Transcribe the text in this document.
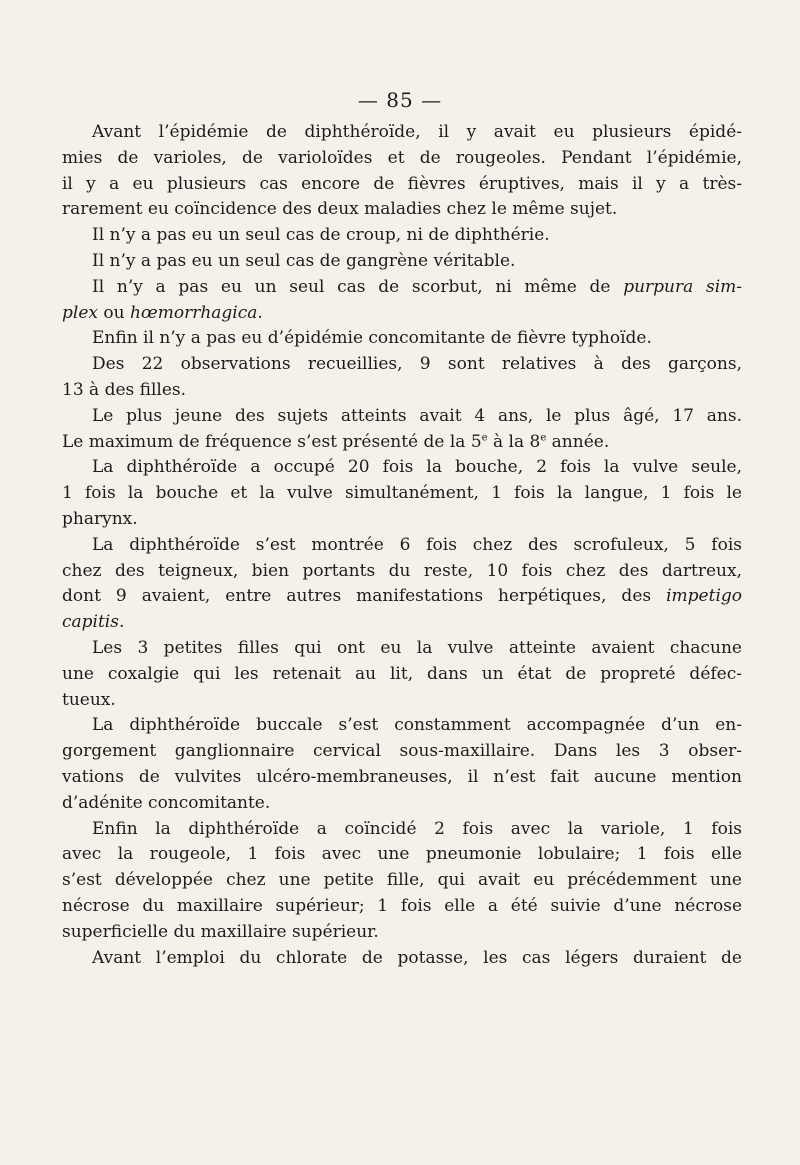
— 85 —
Avant l’épidémie de diphthéroïde, il y avait eu plusieurs épidé-
mies de varioles, de varioloïdes et de rougeoles. Pendant l’épidémie,
il y a eu plusieurs cas encore de fièvres éruptives, mais il y a très-
rarement eu coïncidence des deux maladies chez le même sujet.
Il n’y a pas eu un seul cas de croup, ni de diphthérie.
Il n’y a pas eu un seul cas de gangrène véritable.
Il n’y a pas eu un seul cas de scorbut, ni même de purpura sim-
plex ou hœmorrhagica.
Enfin il n’y a pas eu d’épidémie concomitante de fièvre typhoïde.
Des 22 observations recueillies, 9 sont relatives à des garçons,
13 à des filles.
Le plus jeune des sujets atteints avait 4 ans, le plus âgé, 17 ans.
Le maximum de fréquence s’est présenté de la 5e à la 8e année.
La diphthéroïde a occupé 20 fois la bouche, 2 fois la vulve seule,
1 fois la bouche et la vulve simultanément, 1 fois la langue, 1 fois le
pharynx.
La diphthéroïde s’est montrée 6 fois chez des scrofuleux, 5 fois
chez des teigneux, bien portants du reste, 10 fois chez des dartreux,
dont 9 avaient, entre autres manifestations herpétiques, des impetigo
capitis.
Les 3 petites filles qui ont eu la vulve atteinte avaient chacune
une coxalgie qui les retenait au lit, dans un état de propreté défec-
tueux.
La diphthéroïde buccale s’est constamment accompagnée d’un en-
gorgement ganglionnaire cervical sous-maxillaire. Dans les 3 obser-
vations de vulvites ulcéro-membraneuses, il n’est fait aucune mention
d’adénite concomitante.
Enfin la diphthéroïde a coïncidé 2 fois avec la variole, 1 fois
avec la rougeole, 1 fois avec une pneumonie lobulaire; 1 fois elle
s’est développée chez une petite fille, qui avait eu précédemment une
nécrose du maxillaire supérieur; 1 fois elle a été suivie d’une nécrose
superficielle du maxillaire supérieur.
Avant l’emploi du chlorate de potasse, les cas légers duraient de
